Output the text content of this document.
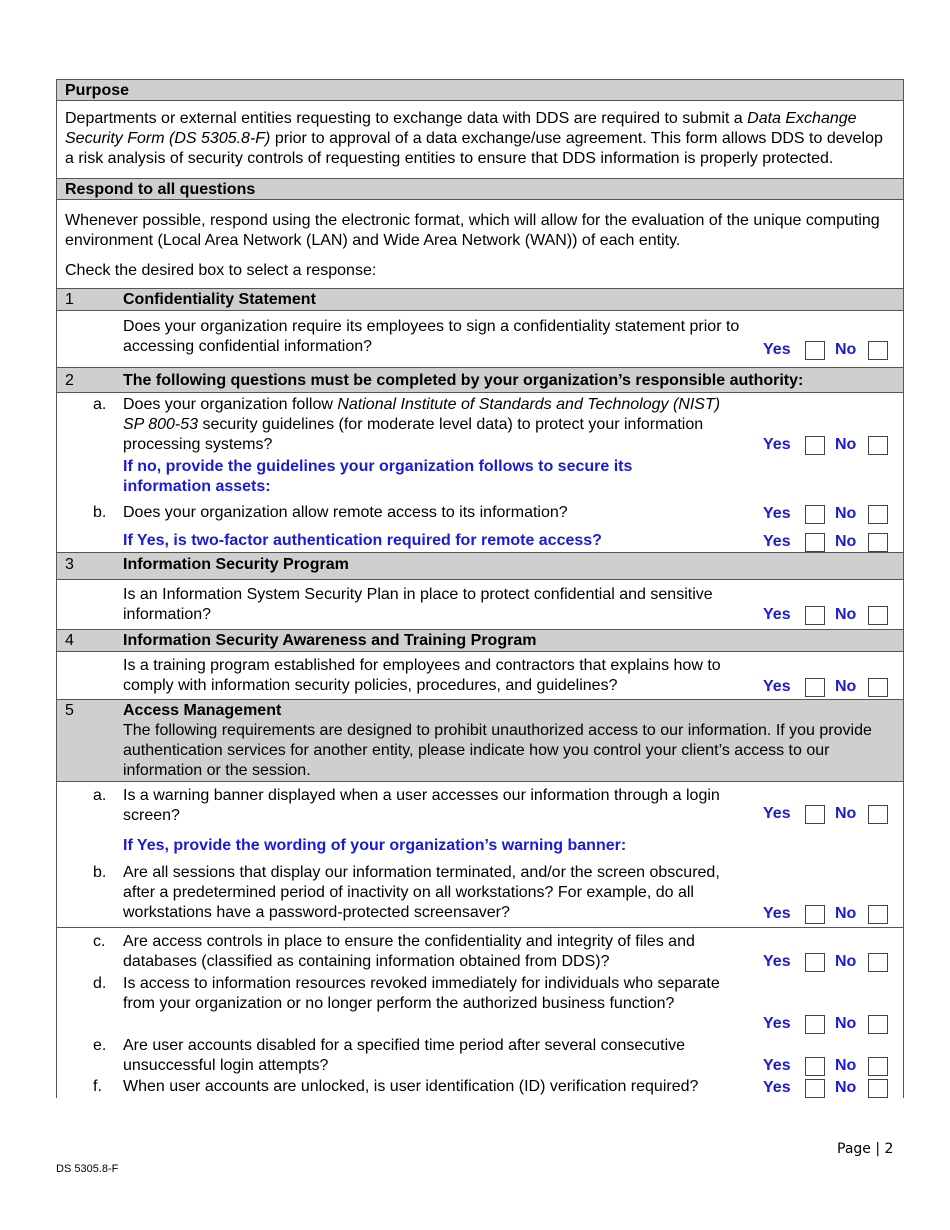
Purpose
Departments or external entities requesting to exchange data with DDS are required to submit a Data Exchange Security Form (DS 5305.8-F) prior to approval of a data exchange/use agreement. This form allows DDS to develop a risk analysis of security controls of requesting entities to ensure that DDS information is properly protected.
Respond to all questions

Whenever possible, respond using the electronic format, which will allow for the evaluation of the unique computing environment (Local Area Network (LAN) and Wide Area Network (WAN)) of each entity.

Check the desired box to select a response:

1	Confidentiality Statement
Does your organization require its employees to sign a confidentiality statement prior to accessing confidential information?	Yes	No
2	The following questions must be completed by your organization’s responsible authority:
a. Does your organization follow National Institute of Standards and Technology (NIST) SP 800-53 security guidelines (for moderate level data) to protect your information processing systems?
If no, provide the guidelines your organization follows to secure its information assets:
Yes	No
b. Does your organization allow remote access to its information?	Yes	No
If Yes, is two-factor authentication required for remote access?	Yes	No
3	Information Security Program
Is an Information System Security Plan in place to protect confidential and sensitive information?	Yes	No
4	Information Security Awareness and Training Program
Is a training program established for employees and contractors that explains how to comply with information security policies, procedures, and guidelines?	Yes	No
5	Access Management
The following requirements are designed to prohibit unauthorized access to our information. If you provide authentication services for another entity, please indicate how you control your client’s access to our information or the session.
a. Is a warning banner displayed when a user accesses our information through a login screen?	Yes	No
If Yes, provide the wording of your organization’s warning banner:
b. Are all sessions that display our information terminated, and/or the screen obscured, after a predetermined period of inactivity on all workstations? For example, do all workstations have a password-protected screensaver?	Yes	No
c. Are access controls in place to ensure the confidentiality and integrity of files and databases (classified as containing information obtained from DDS)?	Yes	No
d. Is access to information resources revoked immediately for individuals who separate from your organization or no longer perform the authorized business function?
Yes	No
e. Are user accounts disabled for a specified time period after several consecutive unsuccessful login attempts?	Yes	No
f. When user accounts are unlocked, is user identification (ID) verification required?	Yes	No
Page | 2
DS 5305.8-F
